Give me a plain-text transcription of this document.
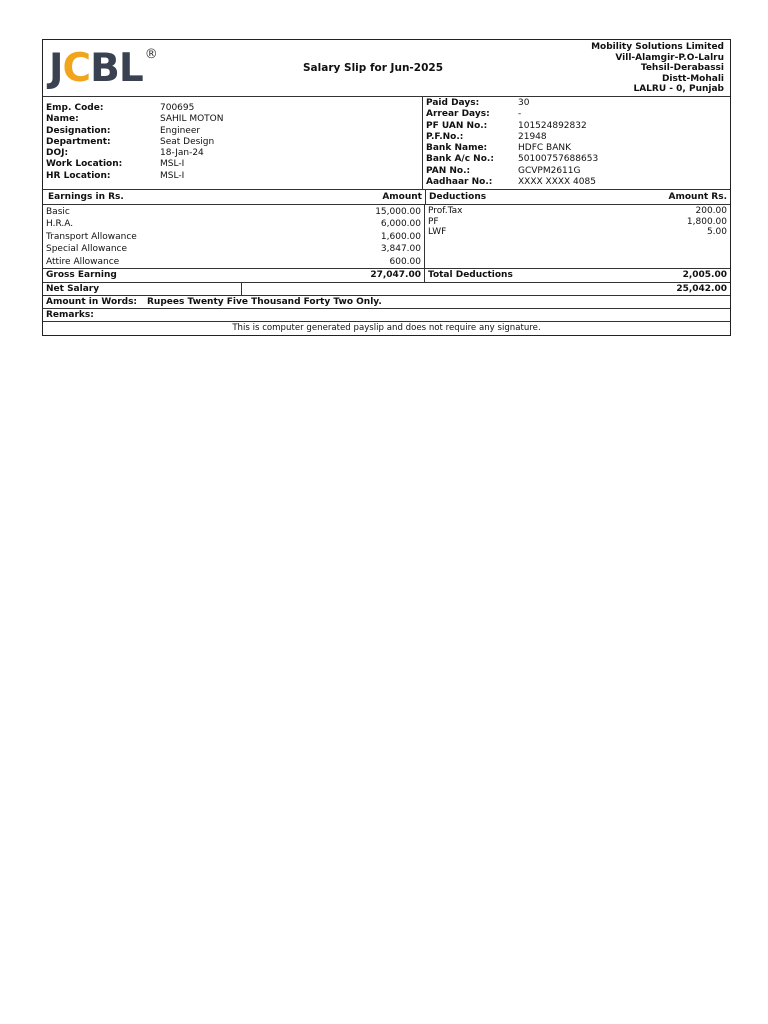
J C B L ®
Salary Slip for Jun-2025
Mobility Solutions Limited
Vill-Alamgir-P.O-Lalru
Tehsil-Derabassi
Distt-Mohali
LALRU - 0, Punjab
Emp. Code:	700695
Name:	SAHIL MOTON
Designation:	Engineer
Department:	Seat Design
DOJ:	18-Jan-24
Work Location:	MSL-I
HR Location:	MSL-I
Paid Days:	30
Arrear Days:	-
PF UAN No.:	101524892832
P.F.No.:	21948
Bank Name:	HDFC BANK
Bank A/c No.:	50100757688653
PAN No.:	GCVPM2611G
Aadhaar No.:	XXXX XXXX 4085
Earnings in Rs.	Amount Deductions	Amount Rs.
Basic	15,000.00
H.R.A.	6,000.00
Transport Allowance	1,600.00
Special Allowance	3,847.00
Attire Allowance	600.00
Prof.Tax	200.00
PF	1,800.00
LWF	5.00
Gross Earning	27,047.00 Total Deductions	2,005.00
Net Salary	25,042.00
Amount in Words:	Rupees Twenty Five Thousand Forty Two Only.
Remarks:
This is computer generated payslip and does not require any signature.
